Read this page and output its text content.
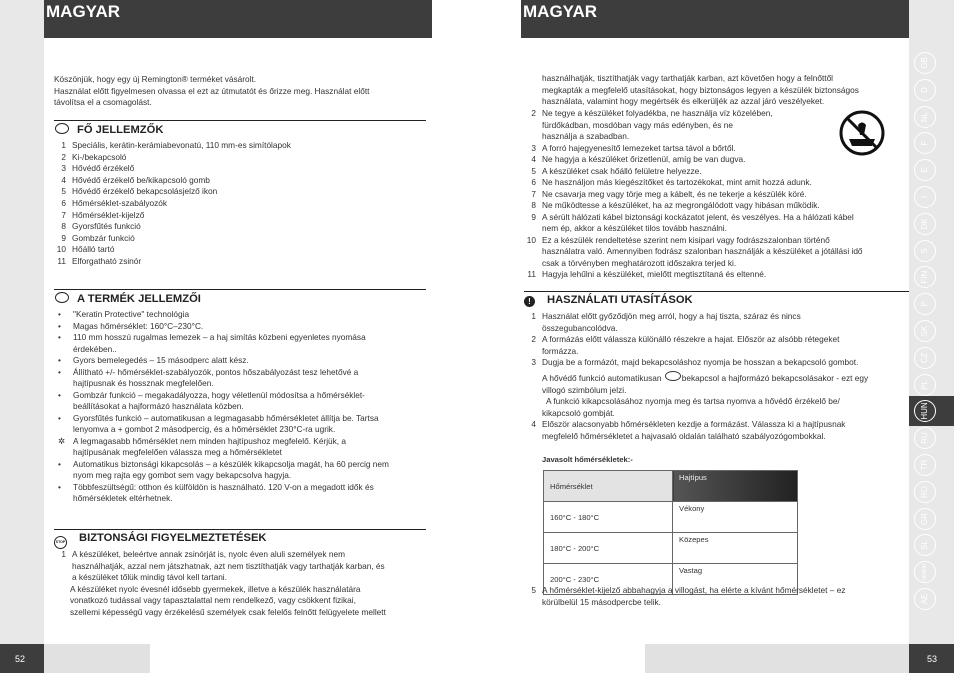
MAGYAR	MAGYAR
52	53
Köszönjük, hogy egy új Remington® terméket vásárolt.
Használat előtt figyelmesen olvassa el ezt az útmutatót és őrizze meg. Használat előtt
távolítsa el a csomagolást.
FŐ JELLEMZŐK
1 Speciális, kerátin-kerámiabevonatú, 110 mm-es simítólapok
2 Ki-/bekapcsoló
3 Hővédő érzékelő
4 Hővédő érzékelő be/kikapcsoló gomb
5 Hővédő érzékelő bekapcsolásjelző ikon
6 Hőmérséklet-szabályozók
7 Hőmérséklet-kijelző
8 Gyorsfűtés funkció
9 Gombzár funkció
10 Hőálló tartó
11 Elforgatható zsinór
A TERMÉK JELLEMZŐI
• "Keratin Protective" technológia
• Magas hőmérséklet: 160°C–230°C.
• 110 mm hosszú rugalmas lemezek – a haj simítás közbeni egyenletes nyomása
érdekében..
• Gyors bemelegedés – 15 másodperc alatt kész.
• Állítható +/- hőmérséklet-szabályozók, pontos hőszabályozást tesz lehetővé a
hajtípusnak és hossznak megfelelően.
• Gombzár funkció – megakadályozza, hogy véletlenül módosítsa a hőmérséklet-
beállításokat a hajformázó használata közben.
• Gyorsfűtés funkció – automatikusan a legmagasabb hőmérsékletet állítja be. Tartsa
lenyomva a + gombot 2 másodpercig, és a hőmérséklet 230°C-ra ugrik.
✲ A legmagasabb hőmérséklet nem minden hajtípushoz megfelelő. Kérjük, a
hajtípusának megfelelően válassza meg a hőmérsékletet
• Automatikus biztonsági kikapcsolás – a készülék kikapcsolja magát, ha 60 percig nem
nyom meg rajta egy gombot sem vagy bekapcsolva hagyja.
• Többfeszültségű: otthon és külföldön is használható. 120 V-on a megadott idők és
hőmérsékletek eltérhetnek.
STOP BIZTONSÁGI FIGYELMEZTETÉSEK
1 A készüléket, beleértve annak zsinórját is, nyolc éven aluli személyek nem
használhatják, azzal nem játszhatnak, azt nem tisztíthatják vagy tarthatják karban, és
a készüléket tőlük mindig távol kell tartani.
A készüléket nyolc évesnél idősebb gyermekek, illetve a készülék használatára
vonatkozó tudással vagy tapasztalattal nem rendelkező, vagy csökkent fizikai,
szellemi képességű vagy érzékelésű személyek csak felelős felnőtt felügyelete mellett
használhatják, tisztíthatják vagy tarthatják karban, azt követően hogy a felnőttől
megkapták a megfelelő utasításokat, hogy biztonságos legyen a készülék biztonságos
használata, valamint hogy megértsék és elkerüljék az azzal járó veszélyeket.
2 Ne tegye a készüléket folyadékba, ne használja víz közelében,
fürdőkádban, mosdóban vagy más edényben, és ne
használja a szabadban.
3 A forró hajegyenesítő lemezeket tartsa távol a bőrtől.
4 Ne hagyja a készüléket őrizetlenül, amíg be van dugva.
5 A készüléket csak hőálló felületre helyezze.
6 Ne használjon más kiegészítőket és tartozékokat, mint amit hozzá adunk.
7 Ne csavarja meg vagy törje meg a kábelt, és ne tekerje a készülék köré.
8 Ne működtesse a készüléket, ha az megrongálódott vagy hibásan működik.
9 A sérült hálózati kábel biztonsági kockázatot jelent, és veszélyes. Ha a hálózati kábel
nem ép, akkor a készüléket tilos tovább használni.
10 Ez a készülék rendeltetése szerint nem kisipari vagy fodrászszalonban történő
használatra való. Amennyiben fodrász szalonban használják a készüléket a jótállási idő
csak a törvényben meghatározott időszakra terjed ki.
11 Hagyja lehűlni a készüléket, mielőtt megtisztítaná és eltenné.
! HASZNÁLATI UTASÍTÁSOK
1 Használat előtt győződjön meg arról, hogy a haj tiszta, száraz és nincs
összegubancolódva.
2 A formázás előtt válassza különálló részekre a hajat. Először az alsóbb rétegeket
formázza.
3 Dugja be a formázót, majd bekapcsoláshoz nyomja be hosszan a bekapcsoló gombot.
A hővédő funkció automatikusan bekapcsol a hajformázó bekapcsolásakor - ezt egy
villogó szimbólum jelzi.
A funkció kikapcsolásához nyomja meg és tartsa nyomva a hővédő érzékelő be/
kikapcsoló gombját.
4 Először alacsonyabb hőmérsékleten kezdje a formázást. Válassza ki a hajtípusnak
megfelelő hőmérsékletet a hajvasaló oldalán található szabályozógombokkal.
Javasolt hőmérsékletek:-
Hőmérséklet	Hajtípus
160°C - 180°C	Vékony
180°C - 200°C	Közepes
200°C - 230°C	Vastag
5 A hőmérséklet-kijelző abbahagyja a villogást, ha elérte a kívánt hőmérsékletet – ez
körülbelül 15 másodpercbe telik.
GB
D
NL
F
E
I
DK
S
FIN
P
SK
CZ
PL
HUN
RU
TR
RO
GR
SL
HR/BIH
AE
